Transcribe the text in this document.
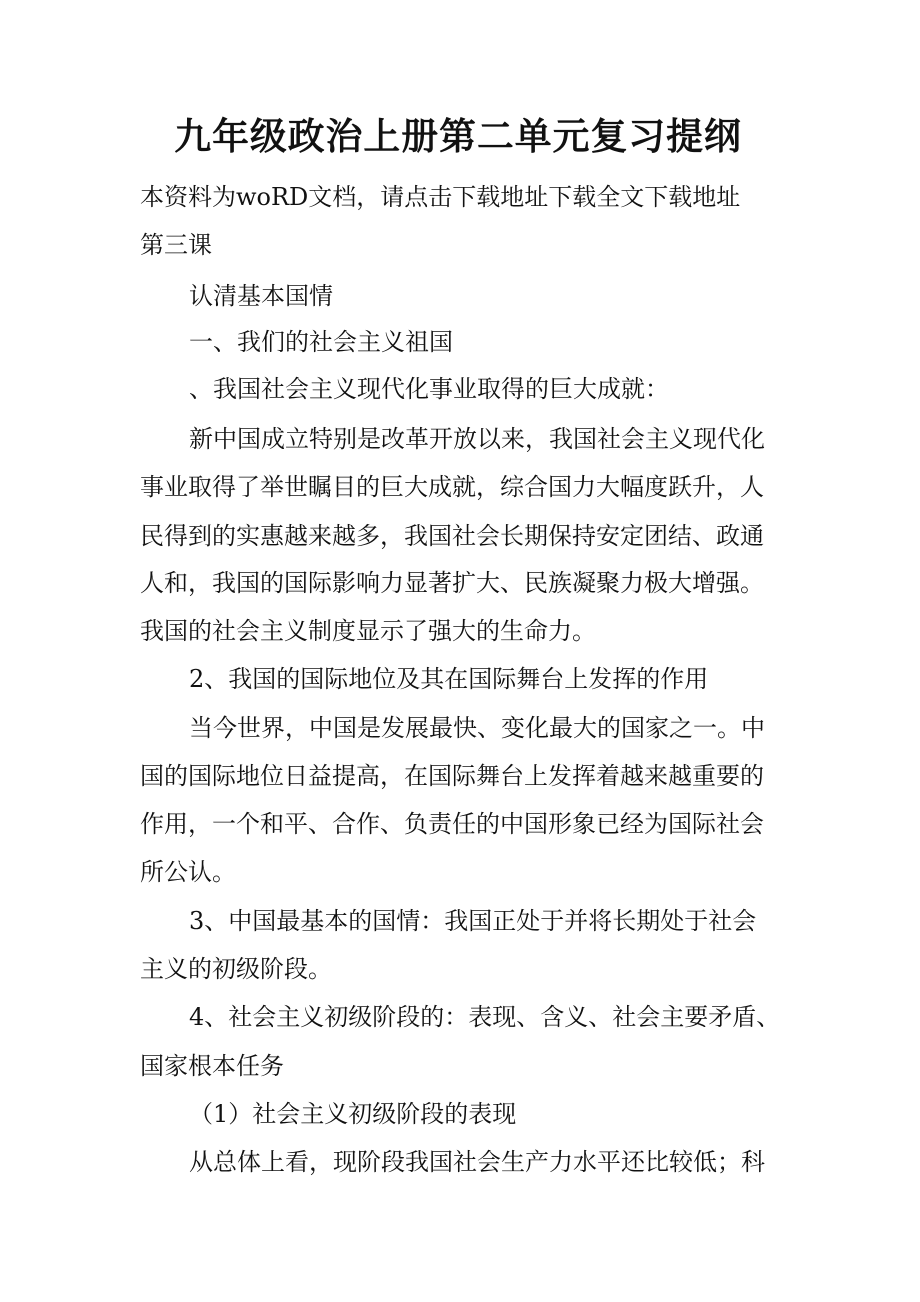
九年级政治上册第二单元复习提纲
本资料为woRD文档，请点击下载地址下载全文下载地址
第三课
认清基本国情
一、我们的社会主义祖国
、我国社会主义现代化事业取得的巨大成就：
新中国成立特别是改革开放以来，我国社会主义现代化
事业取得了举世瞩目的巨大成就，综合国力大幅度跃升，人
民得到的实惠越来越多，我国社会长期保持安定团结、政通
人和，我国的国际影响力显著扩大、民族凝聚力极大增强。
我国的社会主义制度显示了强大的生命力。
2、我国的国际地位及其在国际舞台上发挥的作用
当今世界，中国是发展最快、变化最大的国家之一。中
国的国际地位日益提高，在国际舞台上发挥着越来越重要的
作用，一个和平、合作、负责任的中国形象已经为国际社会
所公认。
3、中国最基本的国情：我国正处于并将长期处于社会
主义的初级阶段。
4、社会主义初级阶段的：表现、含义、社会主要矛盾、
国家根本任务
（1）社会主义初级阶段的表现
从总体上看，现阶段我国社会生产力水平还比较低；科
